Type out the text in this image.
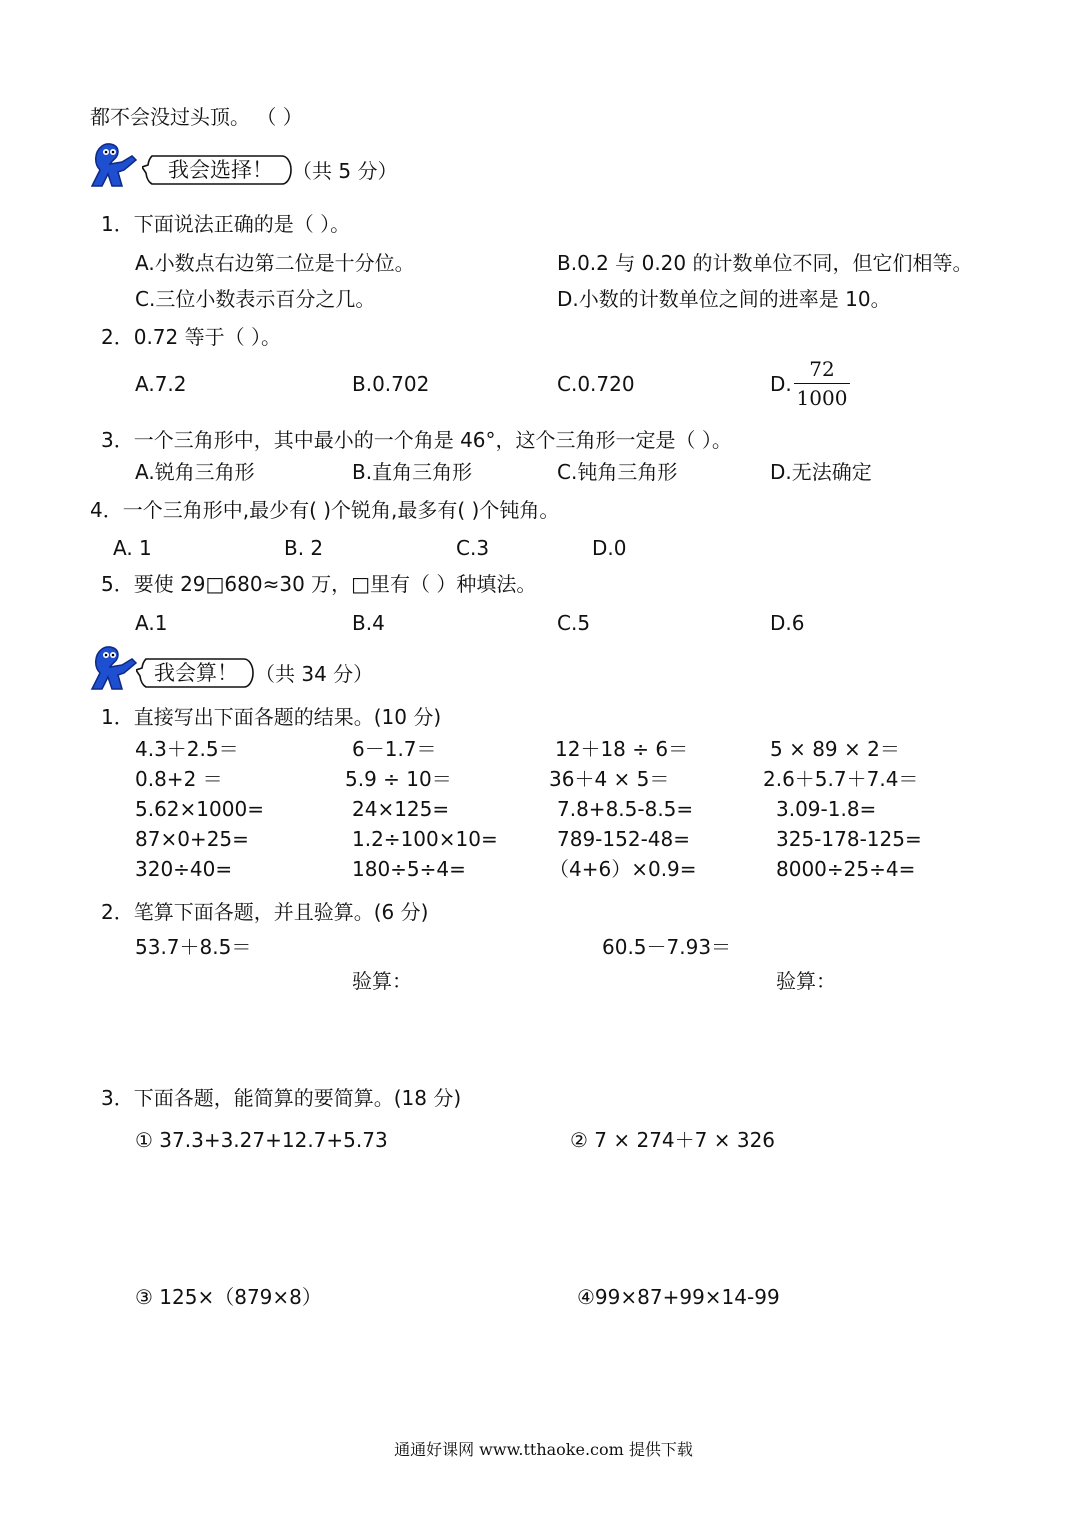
都不会没过头顶。 （ ）
我会选择！ （共 5 分）
1．下面说法正确的是（ ）。
A.小数点右边第二位是十分位。	B.0.2 与 0.20 的计数单位不同，但它们相等。
C.三位小数表示百分之几。	D.小数的计数单位之间的进率是 10。
2．0.72 等于（ ）。
A.7.2	B.0.702	C.0.720	D.
72
1000
3．一个三角形中，其中最小的一个角是 46°，这个三角形一定是（ ）。
A.锐角三角形	B.直角三角形	C.钝角三角形	D.无法确定
4．一个三角形中,最少有( )个锐角,最多有( )个钝角。
A. 1	B. 2	C.3	D.0
5．要使 29□680≈30 万，□里有（ ）种填法。
A.1	B.4	C.5	D.6
我会算！ （共 34 分）
1．直接写出下面各题的结果。(10 分)
4.3＋2.5＝	6－1.7＝	12＋18 ÷ 6＝	5 × 89 × 2＝
0.8+2 ＝	5.9 ÷ 10＝	36＋4 × 5＝	2.6＋5.7＋7.4＝
5.62×1000=	24×125=	7.8+8.5-8.5=	3.09-1.8=
87×0+25=	1.2÷100×10=	789-152-48=	325-178-125=
320÷40=	180÷5÷4=	（4+6）×0.9=	8000÷25÷4=
2．笔算下面各题，并且验算。(6 分)
53.7＋8.5＝	60.5－7.93＝
验算：	验算：
3．下面各题，能简算的要简算。(18 分)
① 37.3+3.27+12.7+5.73	② 7 × 274＋7 × 326
③ 125×（879×8）	④99×87+99×14-99
通通好课网 www.tthaoke.com 提供下载
